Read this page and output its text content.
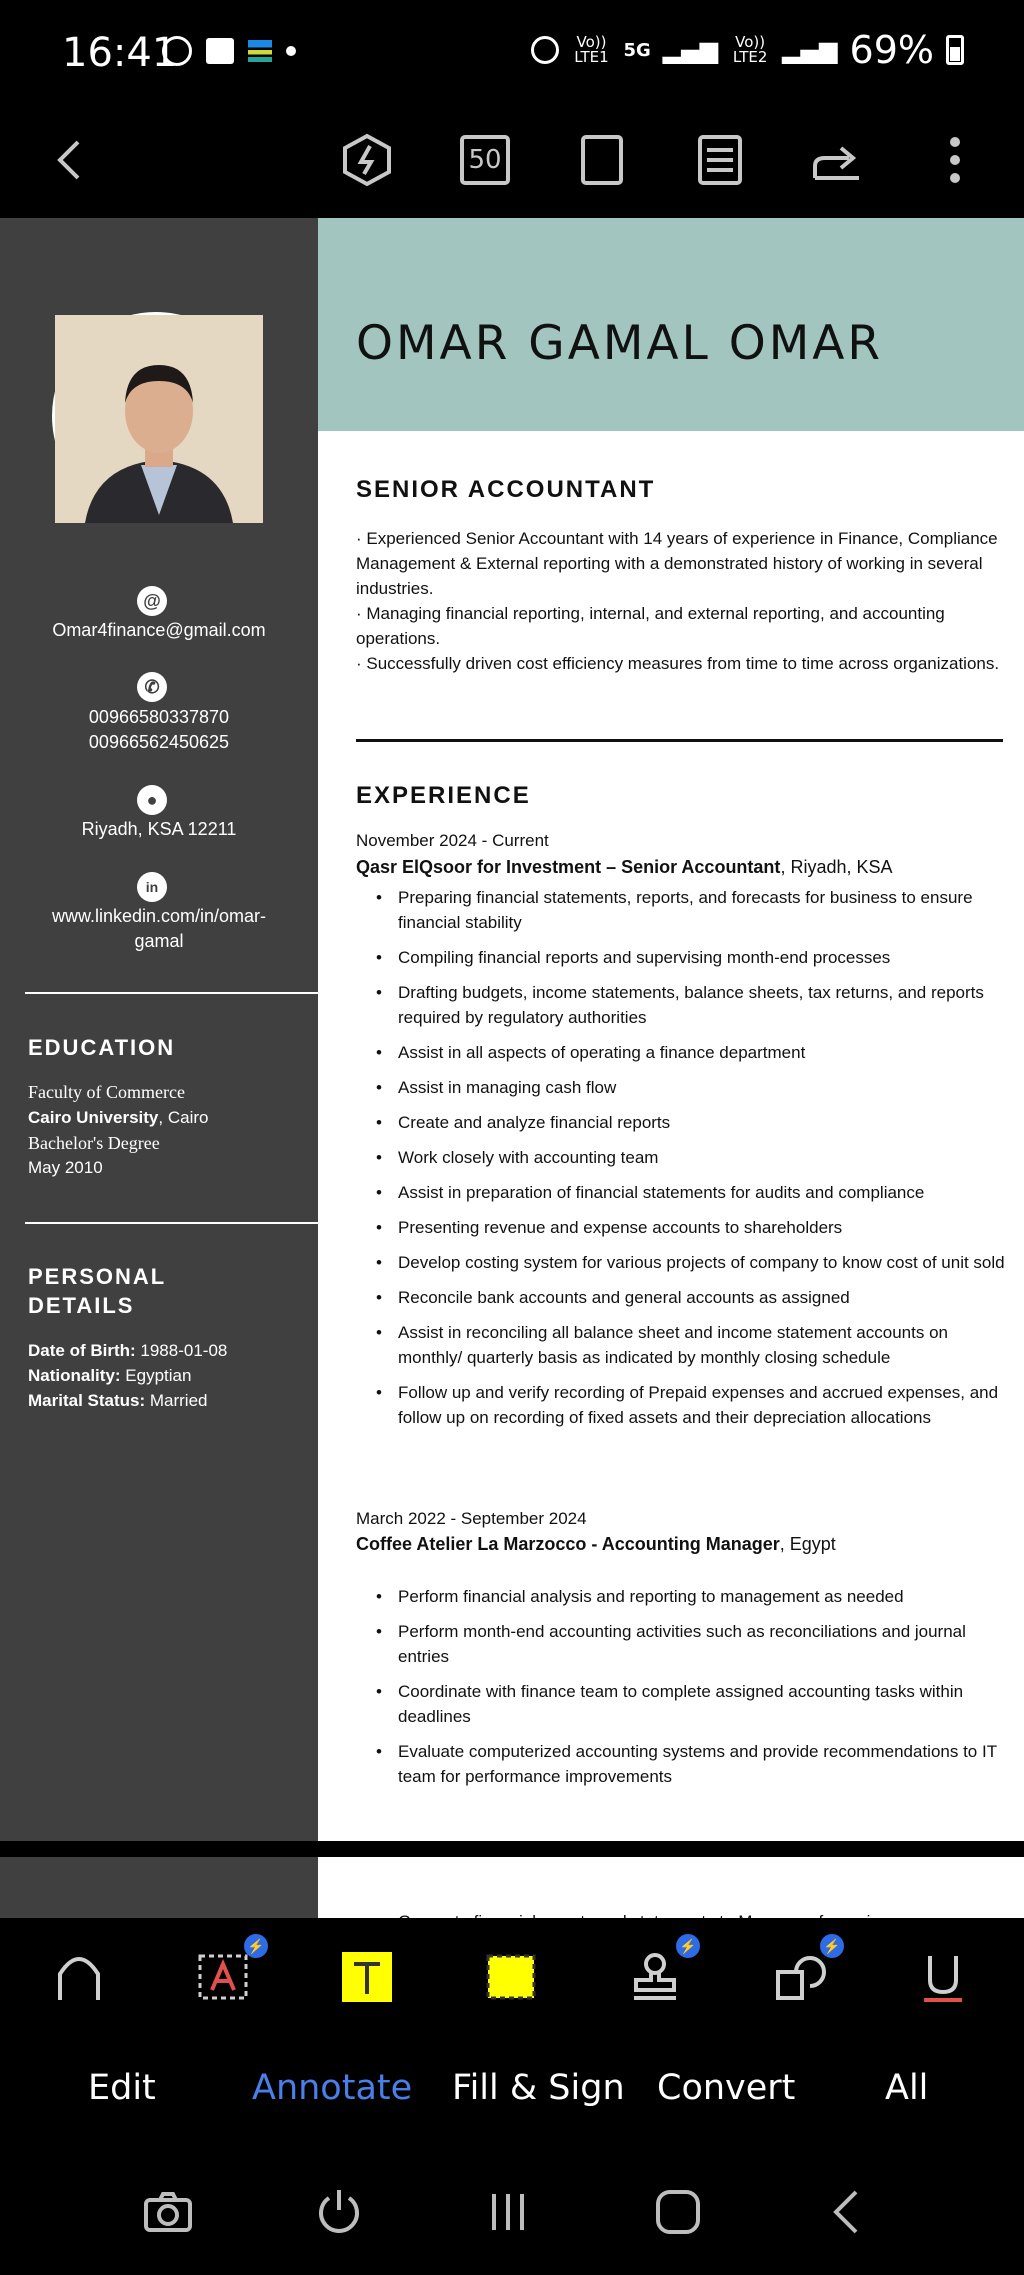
16:41	Vo)) LTE1 5G ▂▄▆	Vo)) LTE2 ▂▄▆ 69%
50
@
Omar4finance@gmail.com
✆
00966580337870
00966562450625
●
Riyadh, KSA 12211
in
www.linkedin.com/in/omar-
gamal
EDUCATION
Faculty of Commerce
Cairo University, Cairo
Bachelor's Degree
May 2010
PERSONAL
DETAILS
Date of Birth: 1988-01-08
Nationality: Egyptian
Marital Status: Married
OMAR GAMAL OMAR
SENIOR ACCOUNTANT
· Experienced Senior Accountant with 14 years of experience in Finance, Compliance Management & External reporting with a demonstrated history of working in several industries.
· Managing financial reporting, internal, and external reporting, and accounting operations.
· Successfully driven cost efficiency measures from time to time across organizations.
EXPERIENCE
November 2024 - Current
Qasr ElQsoor for Investment – Senior Accountant, Riyadh, KSA
• Preparing financial statements, reports, and forecasts for business to ensure financial stability
• Compiling financial reports and supervising month-end processes
• Drafting budgets, income statements, balance sheets, tax returns, and reports required by regulatory authorities
• Assist in all aspects of operating a finance department
• Assist in managing cash flow
• Create and analyze financial reports
• Work closely with accounting team
• Assist in preparation of financial statements for audits and compliance
• Presenting revenue and expense accounts to shareholders
• Develop costing system for various projects of company to know cost of unit sold
• Reconcile bank accounts and general accounts as assigned
• Assist in reconciling all balance sheet and income statement accounts on monthly/ quarterly basis as indicated by monthly closing schedule
• Follow up and verify recording of Prepaid expenses and accrued expenses, and follow up on recording of fixed assets and their depreciation allocations
March 2022 - September 2024
Coffee Atelier La Marzocco - Accounting Manager, Egypt
• Perform financial analysis and reporting to management as needed
• Perform month-end accounting activities such as reconciliations and journal entries
• Coordinate with finance team to complete assigned accounting tasks within deadlines
• Evaluate computerized accounting systems and provide recommendations to IT team for performance improvements
•
⚡	⚡	⚡
Edit	Annotate Fill & Sign Convert	All
